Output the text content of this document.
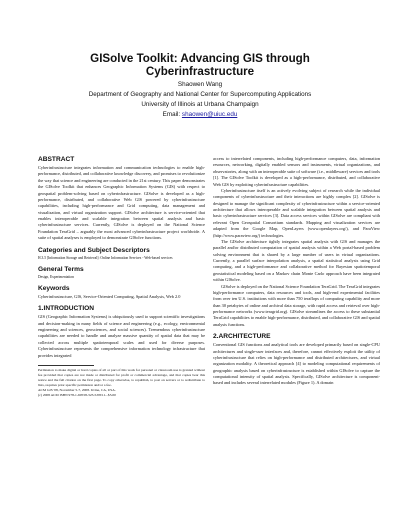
GISolve Toolkit: Advancing GIS through
Cyberinfrastructure
Shaowen Wang
Department of Geography and National Center for Supercomputing Applications
University of Illinois at Urbana Champaign
Email: shaowen@uiuc.edu
ABSTRACT

Cyberinfrastructure integrates information and communication technologies to enable high-performance, distributed, and collaborative knowledge discovery, and promises to revolutionize the way that science and engineering are conducted in the 21st century. This paper demonstrates the GISolve Toolkit that enhances Geographic Information Systems (GIS) with respect to geospatial problem-solving based on cyberinfrastructure. GISolve is developed as a high-performance, distributed, and collaborative Web GIS powered by cyberinfrastructure capabilities, including high-performance and Grid computing, data management and visualization, and virtual organization support. GISolve architecture is service-oriented that enables interoperable and scalable integration between spatial analysis and basic cyberinfrastructure services. Currently, GISolve is deployed on the National Science Foundation TeraGrid – arguably the most advanced cyberinfrastructure project worldwide. A suite of spatial analyses is employed to demonstrate GISolve functions.

Categories and Subject Descriptors

H.3.5 [Information Storage and Retrieval]: Online Information Services - Web-based services

General Terms

Design, Experimentation

Keywords

Cyberinfrastructure, GIS, Service-Oriented Computing, Spatial Analysis, Web 2.0

1.INTRODUCTION

GIS (Geographic Information Systems) is ubiquitously used to support scientific investigations and decision-making in many fields of science and engineering (e.g., ecology, environmental engineering and sciences, geosciences, and social sciences). Tremendous cyberinfrastructure capabilities are needed to handle and analyze massive quantity of spatial data that may be collected across multiple spatiotemporal scales and used for diverse purposes. Cyberinfrastructure represents the comprehensive information technology infrastructure that provides integrated

Permission to make digital or hard copies of all or part of this work for personal or classroom use is granted without fee provided that copies are not made or distributed for profit or commercial advantage, and that copies bear this notice and the full citation on the first page. To copy otherwise, to republish, to post on servers or to redistribute to lists, requires prior specific permission and/or a fee.

ACM GIS '08, November 5-7, 2008. Irvine, CA, USA.

(c) 2008 ACM ISBN 978-1-60558-323-5/08/11...$5.00

access to interrelated components, including high-performance computers, data, information resources, networking, digitally enabled sensors and instruments, virtual organizations, and observatories, along with an interoperable suite of software (i.e., middleware) services and tools [1]. The GISolve Toolkit is developed as a high-performance, distributed, and collaborative Web GIS by exploiting cyberinfrastructure capabilities.

Cyberinfrastructure itself is an actively evolving subject of research while the individual components of cyberinfrastructure and their interactions are highly complex [2]. GISolve is designed to manage the significant complexity of cyberinfrastructure within a service-oriented architecture that allows interoperable and scalable integration between spatial analysis and basic cyberinfrastructure services [3]. Data access services within GISolve are compliant with relevant Open Geospatial Consortium standards. Mapping and visualization services are adapted from the Google Map, OpenLayers (www.openlayers.org/), and ParaView (http://www.paraview.org/) technologies.

The GISolve architecture tightly integrates spatial analysis with GIS and manages the parallel and/or distributed computation of spatial analysis within a Web portal-based problem solving environment that is shared by a large number of users in virtual organizations. Currently, a parallel surface interpolation analysis, a spatial statistical analysis using Grid computing, and a high-performance and collaborative method for Bayesian spatiotemporal geostatistical modeling based on a Markov chain Monte Carlo approach have been integrated within GISolve.

GISolve is deployed on the National Science Foundation TeraGrid. The TeraGrid integrates high-performance computers, data resources and tools, and high-end experimental facilities from over ten U.S. institutions with more than 750 teraflops of computing capability and more than 30 petabytes of online and archival data storage, with rapid access and retrieval over high-performance networks (www.teragrid.org). GISolve streamlines the access to these substantial TeraGrid capabilities to enable high-performance, distributed, and collaborative GIS and spatial analysis functions.

2.ARCHITECTURE

Conventional GIS functions and analytical tools are developed primarily based on single-CPU architectures and single-user interfaces and, therefore, cannot effectively exploit the utility of cyberinfrastructure that relies on high-performance and distributed architectures, and virtual organization modality. A theoretical approach [4] to modeling computational requirements of geographic analysis based on cyberinfrastructure is established within GISolve to capture the computational intensity of spatial analysis. Specifically, GISolve architecture is component-based and includes several interrelated modules (Figure 1). A domain
